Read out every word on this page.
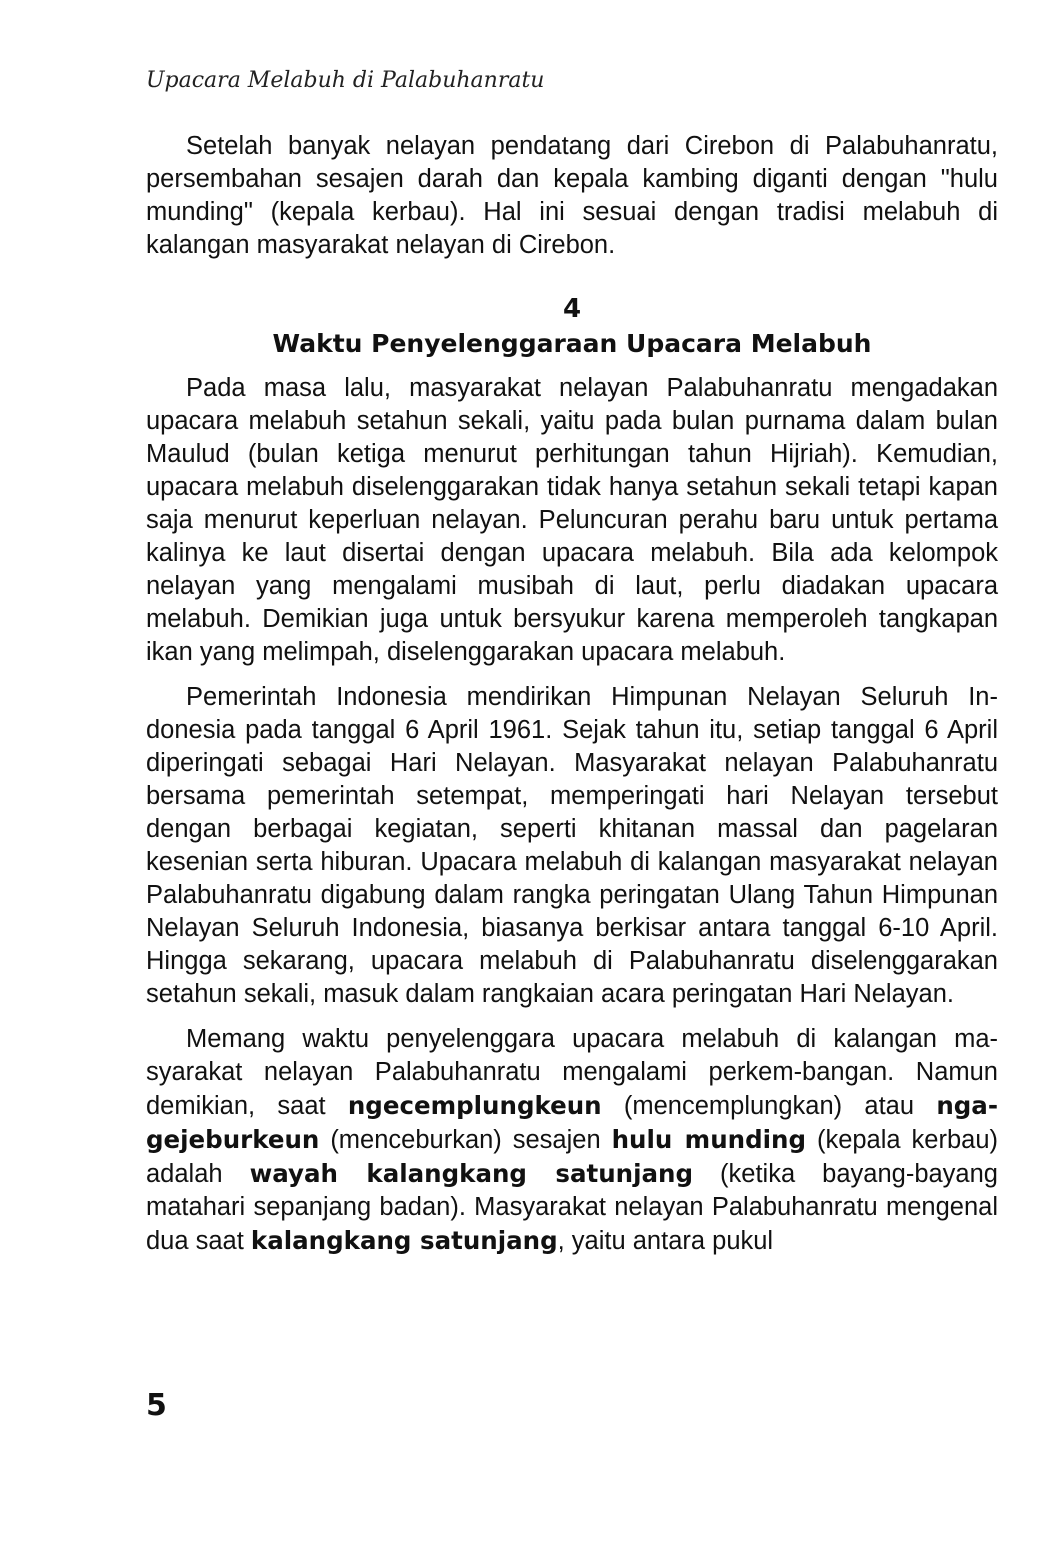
Upacara Melabuh di Palabuhanratu

Setelah banyak nelayan pendatang dari Cirebon di Palabuhanratu, persembahan sesajen darah dan kepala kambing diganti dengan "hulu munding" (kepala kerbau). Hal ini sesuai dengan tradisi melabuh di kalangan masyarakat nelayan di Cirebon.

4
Waktu Penyelenggaraan Upacara Melabuh

Pada masa lalu, masyarakat nelayan Palabuhanratu mengadakan upacara melabuh setahun sekali, yaitu pada bulan purnama dalam bulan Maulud (bulan ketiga menurut perhitungan tahun Hijriah). Kemudian, upacara melabuh diselenggarakan tidak hanya setahun sekali tetapi kapan saja menurut keperluan nelayan. Peluncuran perahu baru untuk pertama kalinya ke laut disertai dengan upacara melabuh. Bila ada kelompok nelayan yang mengalami musibah di laut, perlu diadakan upacara melabuh. Demikian juga untuk bersyukur karena memperoleh tangkapan ikan yang melimpah, diselenggarakan upacara melabuh.

Pemerintah Indonesia mendirikan Himpunan Nelayan Seluruh Indonesia pada tanggal 6 April 1961. Sejak tahun itu, setiap tanggal 6 April diperingati sebagai Hari Nelayan. Masyarakat nelayan Palabuhanratu bersama pemerintah setempat, memperingati hari Nelayan tersebut dengan berbagai kegiatan, seperti khitanan massal dan pagelaran kesenian serta hiburan. Upacara melabuh di kalangan masyarakat nelayan Palabuhanratu digabung dalam rangka peringatan Ulang Tahun Himpunan Nelayan Seluruh Indonesia, biasanya berkisar antara tanggal 6-10 April. Hingga sekarang, upacara melabuh di Palabuhanratu diselenggarakan setahun sekali, masuk dalam rangkaian acara peringatan Hari Nelayan.

Memang waktu penyelenggara upacara melabuh di kalangan masyarakat nelayan Palabuhanratu mengalami perkem-bangan. Namun demikian, saat ngecemplungkeun (mencemplungkan) atau ngagejeburkeun (menceburkan) sesajen hulu munding (kepala kerbau) adalah wayah kalangkang satunjang (ketika bayang-bayang matahari sepanjang badan). Masyarakat nelayan Palabuhanratu mengenal dua saat kalangkang satunjang, yaitu antara pukul

5
